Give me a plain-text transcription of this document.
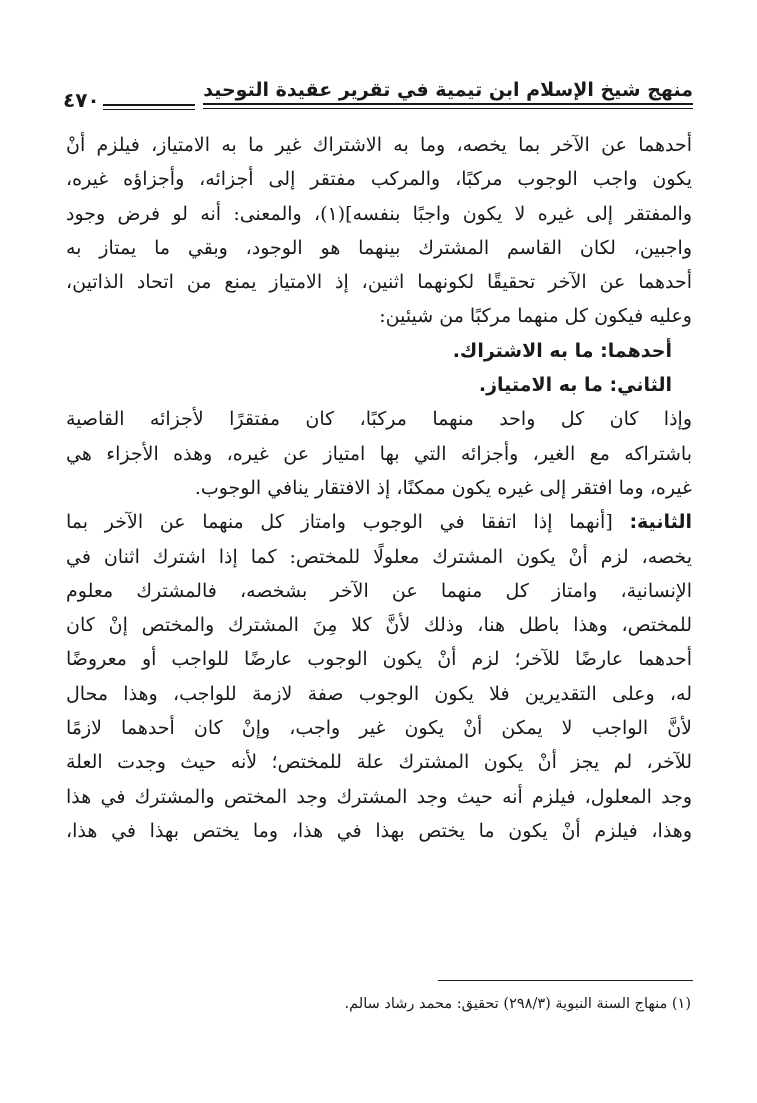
منهج شيخ الإسلام ابن تيمية في تقرير عقيدة التوحيد
٤٧٠
أحدهما عن الآخر بما يخصه، وما به الاشتراك غير ما به الامتياز، فيلزم أنْ
يكون واجب الوجوب مركبًا، والمركب مفتقر إلى أجزائه، وأجزاؤه غيره،
والمفتقر إلى غيره لا يكون واجبًا بنفسه](١)، والمعنى: أنه لو فرض وجود
واجبين، لكان القاسم المشترك بينهما هو الوجود، وبقي ما يمتاز به
أحدهما عن الآخر تحقيقًا لكونهما اثنين، إذ الامتياز يمنع من اتحاد الذاتين،
وعليه فيكون كل منهما مركبًا من شيئين:
أحدهما: ما به الاشتراك.
الثاني: ما به الامتياز.
وإذا كان كل واحد منهما مركبًا، كان مفتقرًا لأجزائه القاصية
باشتراكه مع الغير، وأجزائه التي بها امتياز عن غيره، وهذه الأجزاء هي
غيره، وما افتقر إلى غيره يكون ممكنًا، إذ الافتقار ينافي الوجوب.
الثانية: [أنهما إذا اتفقا في الوجوب وامتاز كل منهما عن الآخر بما
يخصه، لزم أنْ يكون المشترك معلولًا للمختص: كما إذا اشترك اثنان في
الإنسانية، وامتاز كل منهما عن الآخر بشخصه، فالمشترك معلوم
للمختص، وهذا باطل هنا، وذلك لأنَّ كلا مِنَ المشترك والمختص إنْ كان
أحدهما عارضًا للآخر؛ لزم أنْ يكون الوجوب عارضًا للواجب أو معروضًا
له، وعلى التقديرين فلا يكون الوجوب صفة لازمة للواجب، وهذا محال
لأنَّ الواجب لا يمكن أنْ يكون غير واجب، وإنْ كان أحدهما لازمًا
للآخر، لم يجز أنْ يكون المشترك علة للمختص؛ لأنه حيث وجدت العلة
وجد المعلول، فيلزم أنه حيث وجد المشترك وجد المختص والمشترك في هذا
وهذا، فيلزم أنْ يكون ما يختص بهذا في هذا، وما يختص بهذا في هذا،
(١) منهاج السنة النبوية (٢٩٨/٣) تحقيق: محمد رشاد سالم.
